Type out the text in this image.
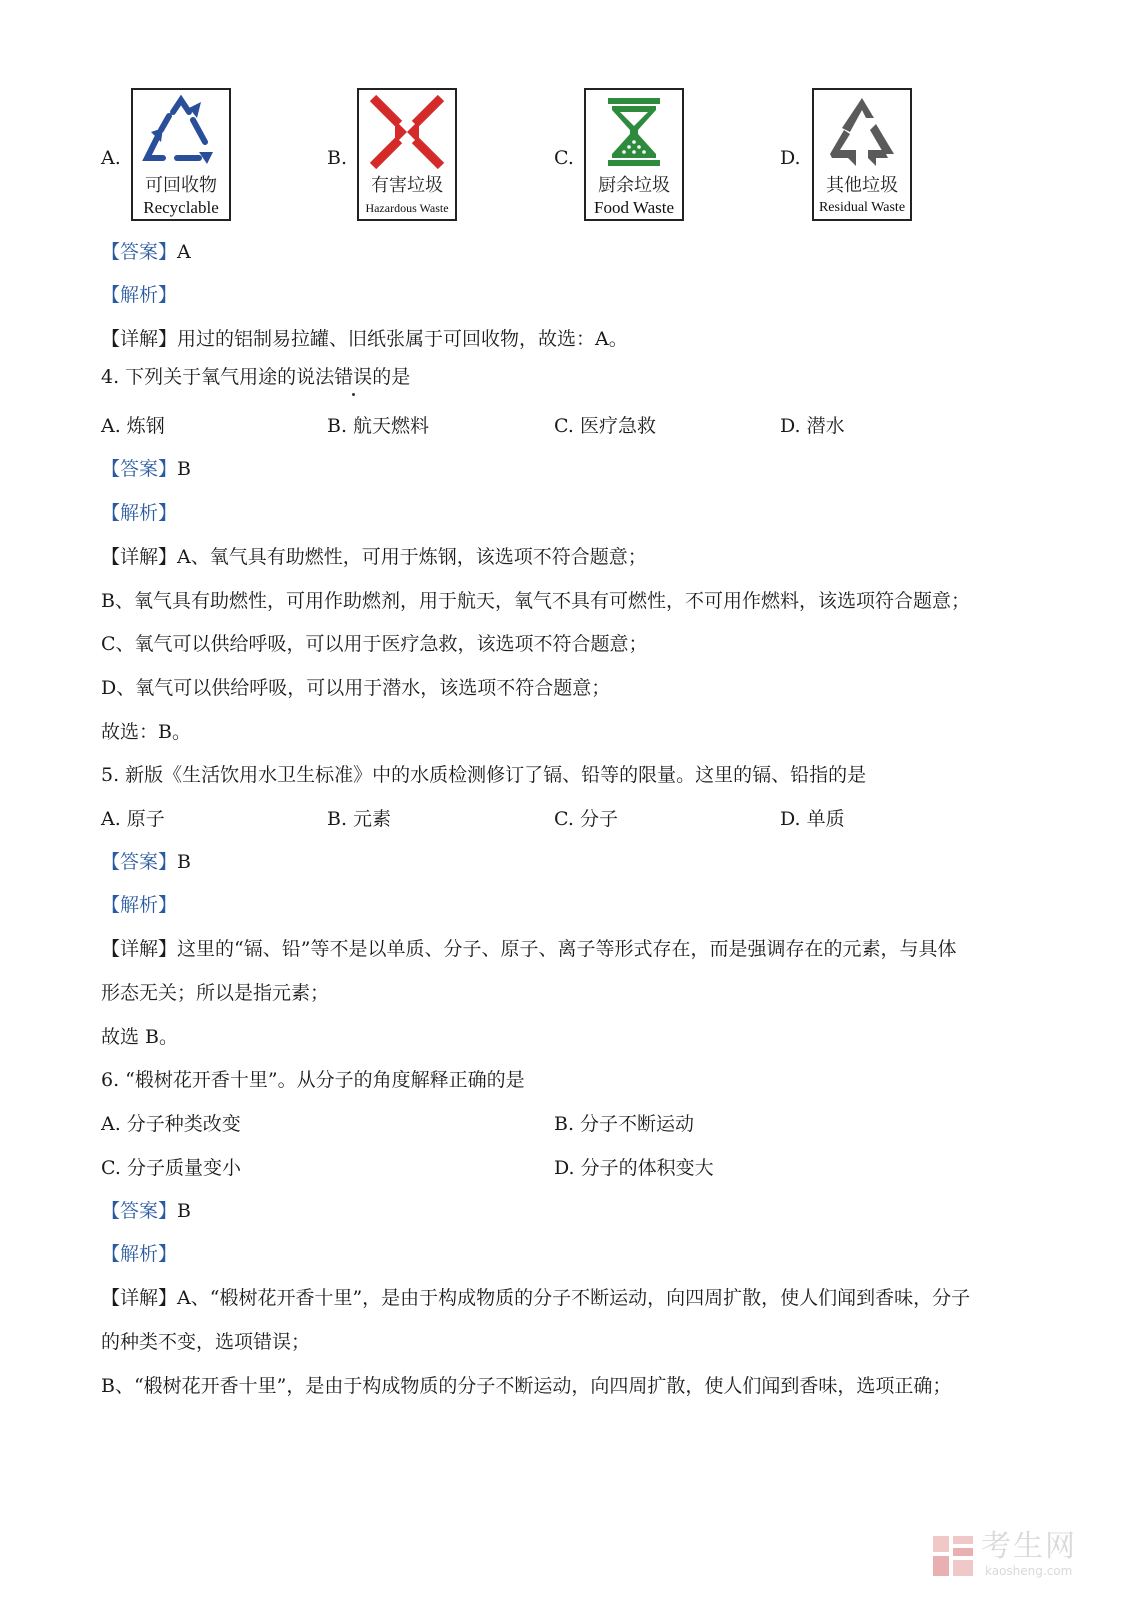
A.
可回收物
Recyclable
B.
有害垃圾
Hazardous Waste
C.
厨余垃圾
Food Waste
D.
其他垃圾
Residual Waste
【答案】A
【解析】
【详解】用过的铝制易拉罐、旧纸张属于可回收物，故选：A。
4. 下列关于氧气用途的说法错误的是
A. 炼钢	B. 航天燃料	C. 医疗急救	D. 潜水
【答案】B
【解析】
【详解】A、氧气具有助燃性，可用于炼钢，该选项不符合题意；
B、氧气具有助燃性，可用作助燃剂，用于航天，氧气不具有可燃性，不可用作燃料，该选项符合题意；
C、氧气可以供给呼吸，可以用于医疗急救，该选项不符合题意；
D、氧气可以供给呼吸，可以用于潜水，该选项不符合题意；
故选：B。
5. 新版《生活饮用水卫生标准》中的水质检测修订了镉、铅等的限量。这里的镉、铅指的是
A. 原子	B. 元素	C. 分子	D. 单质
【答案】B
【解析】
【详解】这里的“镉、铅”等不是以单质、分子、原子、离子等形式存在，而是强调存在的元素，与具体
形态无关；所以是指元素；
故选 B。
6. “椴树花开香十里”。从分子的角度解释正确的是
A. 分子种类改变	B. 分子不断运动
C. 分子质量变小	D. 分子的体积变大
【答案】B
【解析】
【详解】A、“椴树花开香十里”，是由于构成物质的分子不断运动，向四周扩散，使人们闻到香味，分子
的种类不变，选项错误；
B、“椴树花开香十里”，是由于构成物质的分子不断运动，向四周扩散，使人们闻到香味，选项正确；
考生网
kaosheng.com
